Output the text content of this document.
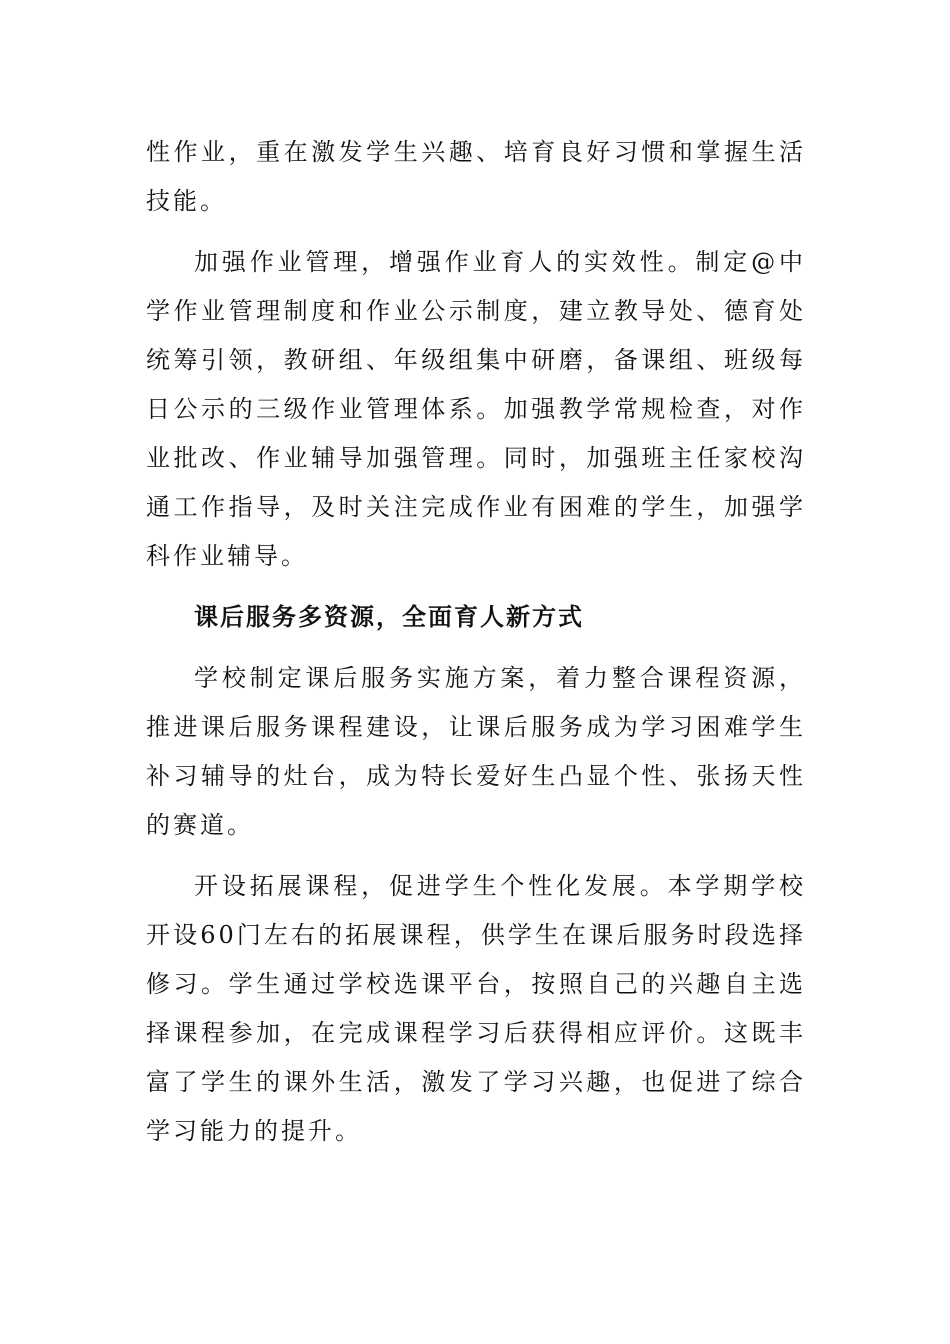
性作业，重在激发学生兴趣、培育良好习惯和掌握生活技能。

加强作业管理，增强作业育人的实效性。制定@中学作业管理制度和作业公示制度，建立教导处、德育处统筹引领，教研组、年级组集中研磨，备课组、班级每日公示的三级作业管理体系。加强教学常规检查，对作业批改、作业辅导加强管理。同时，加强班主任家校沟通工作指导，及时关注完成作业有困难的学生，加强学科作业辅导。

课后服务多资源，全面育人新方式

学校制定课后服务实施方案，着力整合课程资源，推进课后服务课程建设，让课后服务成为学习困难学生补习辅导的灶台，成为特长爱好生凸显个性、张扬天性的赛道。

开设拓展课程，促进学生个性化发展。本学期学校开设60门左右的拓展课程，供学生在课后服务时段选择修习。学生通过学校选课平台，按照自己的兴趣自主选择课程参加，在完成课程学习后获得相应评价。这既丰富了学生的课外生活，激发了学习兴趣，也促进了综合学习能力的提升。
